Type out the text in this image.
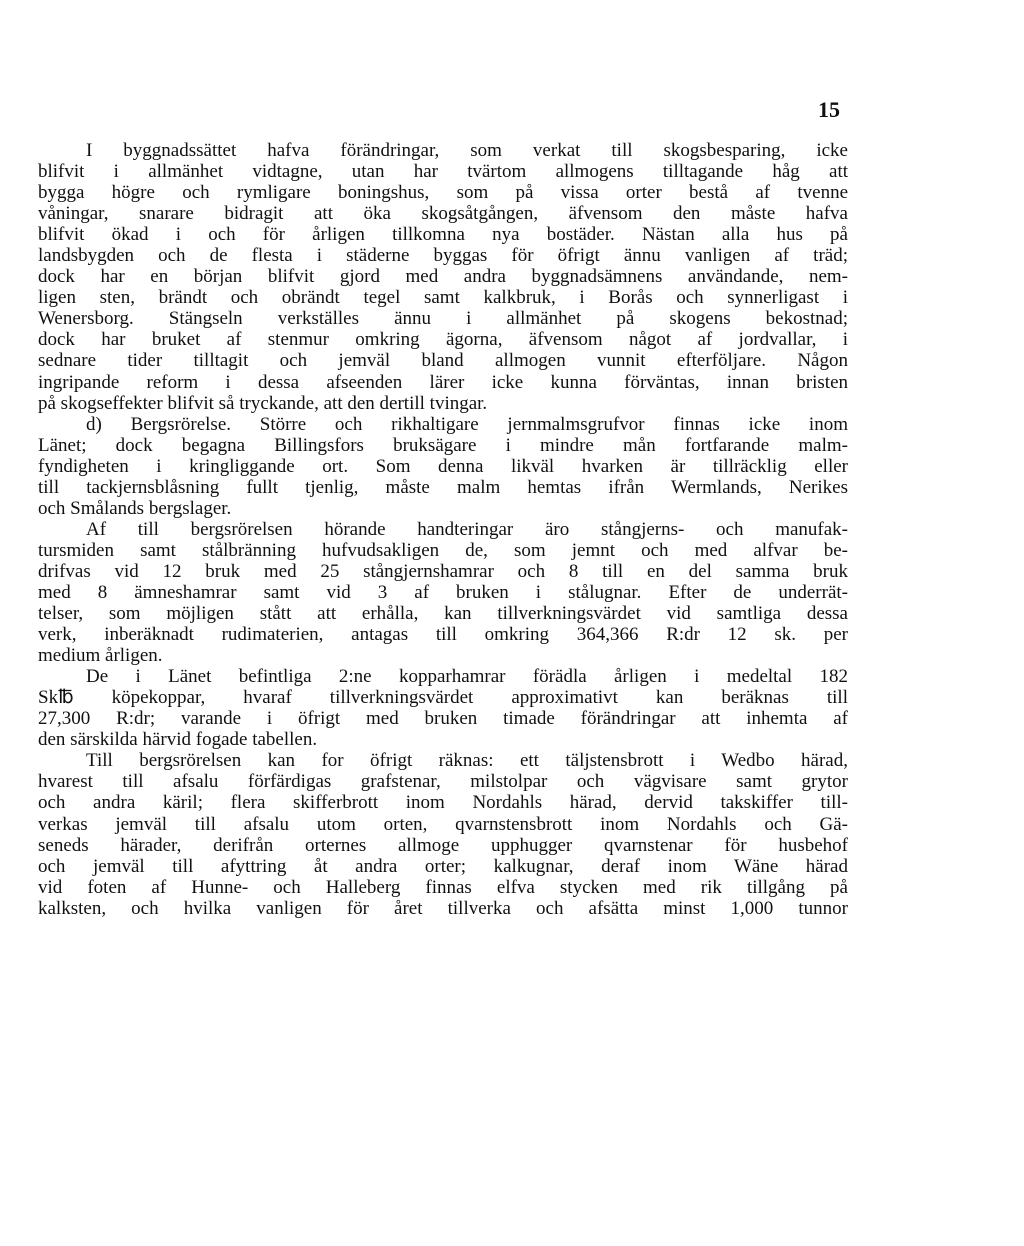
15
I byggnadssättet hafva förändringar, som verkat till skogsbesparing, icke
blifvit i allmänhet vidtagne, utan har tvärtom allmogens tilltagande håg att
bygga högre och rymligare boningshus, som på vissa orter bestå af tvenne
våningar, snarare bidragit att öka skogsåtgången, äfvensom den måste hafva
blifvit ökad i och för årligen tillkomna nya bostäder. Nästan alla hus på
landsbygden och de flesta i städerne byggas för öfrigt ännu vanligen af träd;
dock har en början blifvit gjord med andra byggnadsämnens användande, nem-
ligen sten, brändt och obrändt tegel samt kalkbruk, i Borås och synnerligast i
Wenersborg. Stängseln verkställes ännu i allmänhet på skogens bekostnad;
dock har bruket af stenmur omkring ägorna, äfvensom något af jordvallar, i
sednare tider tilltagit och jemväl bland allmogen vunnit efterföljare. Någon
ingripande reform i dessa afseenden lärer icke kunna förväntas, innan bristen
på skogseffekter blifvit så tryckande, att den dertill tvingar.
d) Bergsrörelse. Större och rikhaltigare jernmalmsgrufvor finnas icke inom
Länet; dock begagna Billingsfors bruksägare i mindre mån fortfarande malm-
fyndigheten i kringliggande ort. Som denna likväl hvarken är tillräcklig eller
till tackjernsblåsning fullt tjenlig, måste malm hemtas ifrån Wermlands, Nerikes
och Smålands bergslager.
Af till bergsrörelsen hörande handteringar äro stångjerns- och manufak-
tursmiden samt stålbränning hufvudsakligen de, som jemnt och med alfvar be-
drifvas vid 12 bruk med 25 stångjernshamrar och 8 till en del samma bruk
med 8 ämneshamrar samt vid 3 af bruken i stålugnar. Efter de underrät-
telser, som möjligen stått att erhålla, kan tillverkningsvärdet vid samtliga dessa
verk, inberäknadt rudimaterien, antagas till omkring 364,366 R:dr 12 sk. per
medium årligen.
De i Länet befintliga 2:ne kopparhamrar förädla årligen i medeltal 182
Sk℔ köpekoppar, hvaraf tillverkningsvärdet approximativt kan beräknas till
27,300 R:dr; varande i öfrigt med bruken timade förändringar att inhemta af
den särskilda härvid fogade tabellen.
Till bergsrörelsen kan for öfrigt räknas: ett täljstensbrott i Wedbo härad,
hvarest till afsalu förfärdigas grafstenar, milstolpar och vägvisare samt grytor
och andra käril; flera skifferbrott inom Nordahls härad, dervid takskiffer till-
verkas jemväl till afsalu utom orten, qvarnstensbrott inom Nordahls och Gä-
seneds härader, derifrån orternes allmoge upphugger qvarnstenar för husbehof
och jemväl till afyttring åt andra orter; kalkugnar, deraf inom Wäne härad
vid foten af Hunne- och Halleberg finnas elfva stycken med rik tillgång på
kalksten, och hvilka vanligen för året tillverka och afsätta minst 1,000 tunnor
